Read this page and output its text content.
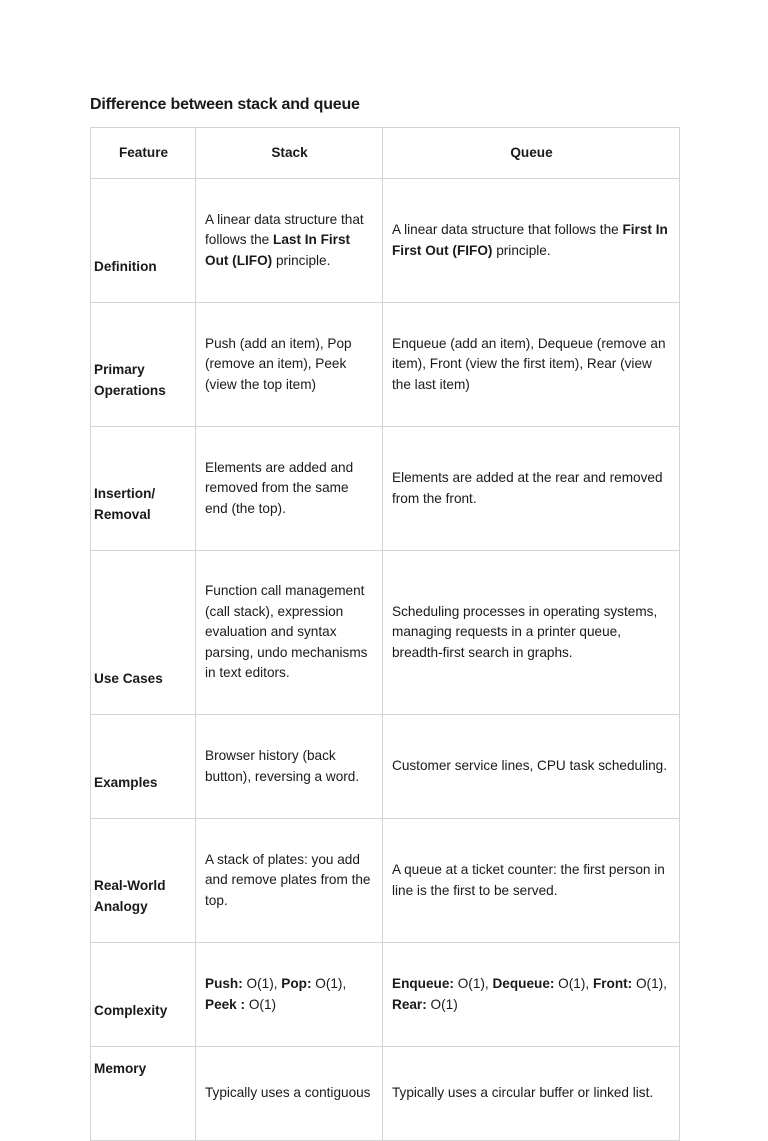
Difference between stack and queue
Feature	Stack	Queue
Definition	A linear data structure that follows the Last In First Out (LIFO) principle.	A linear data structure that follows the First In First Out (FIFO) principle.
Primary Operations	Push (add an item), Pop (remove an item), Peek (view the top item)	Enqueue (add an item), Dequeue (remove an item), Front (view the first item), Rear (view the last item)
Insertion/ Removal	Elements are added and removed from the same end (the top).	Elements are added at the rear and removed from the front.
Use Cases	Function call management (call stack), expression evaluation and syntax parsing, undo mechanisms in text editors.	Scheduling processes in operating systems, managing requests in a printer queue, breadth-first search in graphs.
Examples	Browser history (back button), reversing a word.	Customer service lines, CPU task scheduling.
Real-World Analogy	A stack of plates: you add and remove plates from the top.	A queue at a ticket counter: the first person in line is the first to be served.
Complexity	Push: O(1), Pop: O(1), Peek : O(1)	Enqueue: O(1), Dequeue: O(1), Front: O(1), Rear: O(1)
Memory	Typically uses a contiguous	Typically uses a circular buffer or linked list.
